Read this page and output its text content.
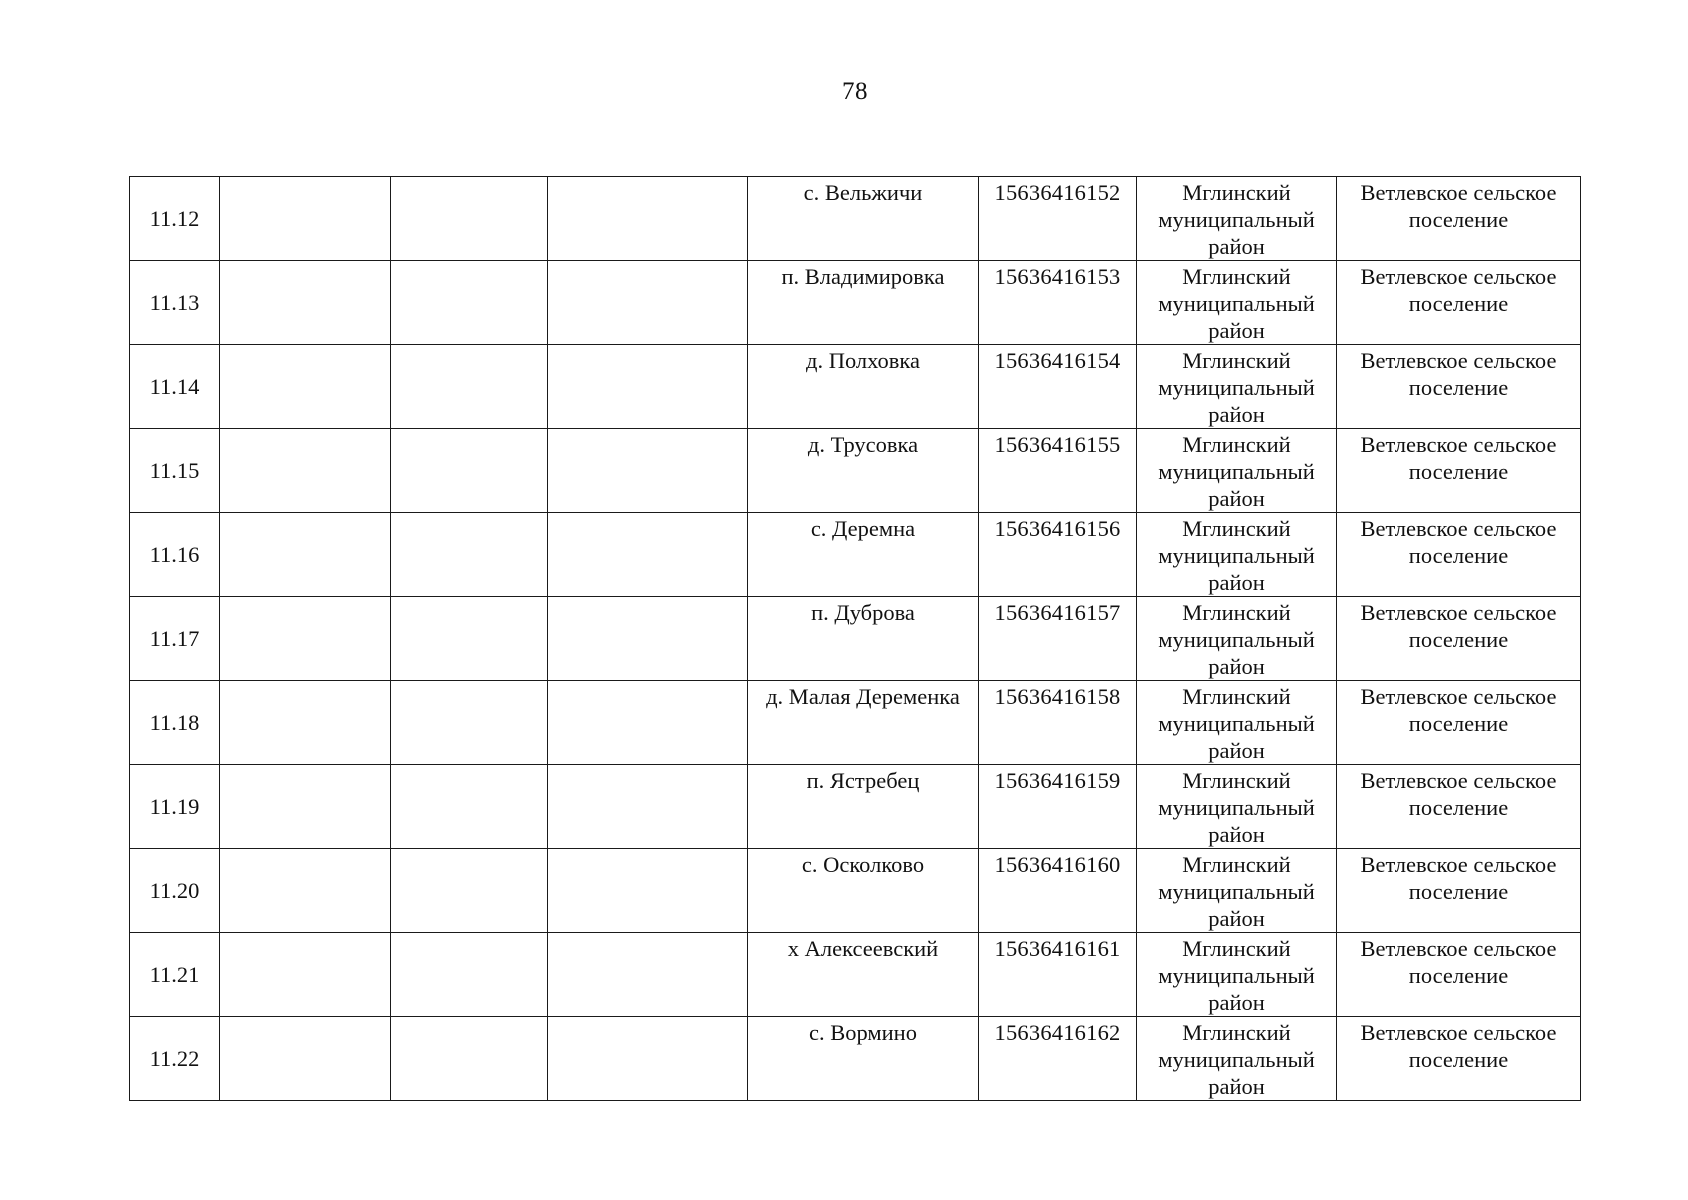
78
11.12				с. Вельжичи	15636416152	Мглинский
муниципальный
район	Ветлевское сельское
поселение

11.13				п. Владимировка	15636416153	Мглинский
муниципальный
район	Ветлевское сельское
поселение

11.14				д. Полховка	15636416154	Мглинский
муниципальный
район	Ветлевское сельское
поселение

11.15				д. Трусовка	15636416155	Мглинский
муниципальный
район	Ветлевское сельское
поселение

11.16				с. Деремна	15636416156	Мглинский
муниципальный
район	Ветлевское сельское
поселение

11.17				п. Дуброва	15636416157	Мглинский
муниципальный
район	Ветлевское сельское
поселение

11.18				д. Малая Деременка	15636416158	Мглинский
муниципальный
район	Ветлевское сельское
поселение

11.19				п. Ястребец	15636416159	Мглинский
муниципальный
район	Ветлевское сельское
поселение

11.20				с. Осколково	15636416160	Мглинский
муниципальный
район	Ветлевское сельское
поселение

11.21				х Алексеевский	15636416161	Мглинский
муниципальный
район	Ветлевское сельское
поселение

11.22				с. Вормино	15636416162	Мглинский
муниципальный
район	Ветлевское сельское
поселение
